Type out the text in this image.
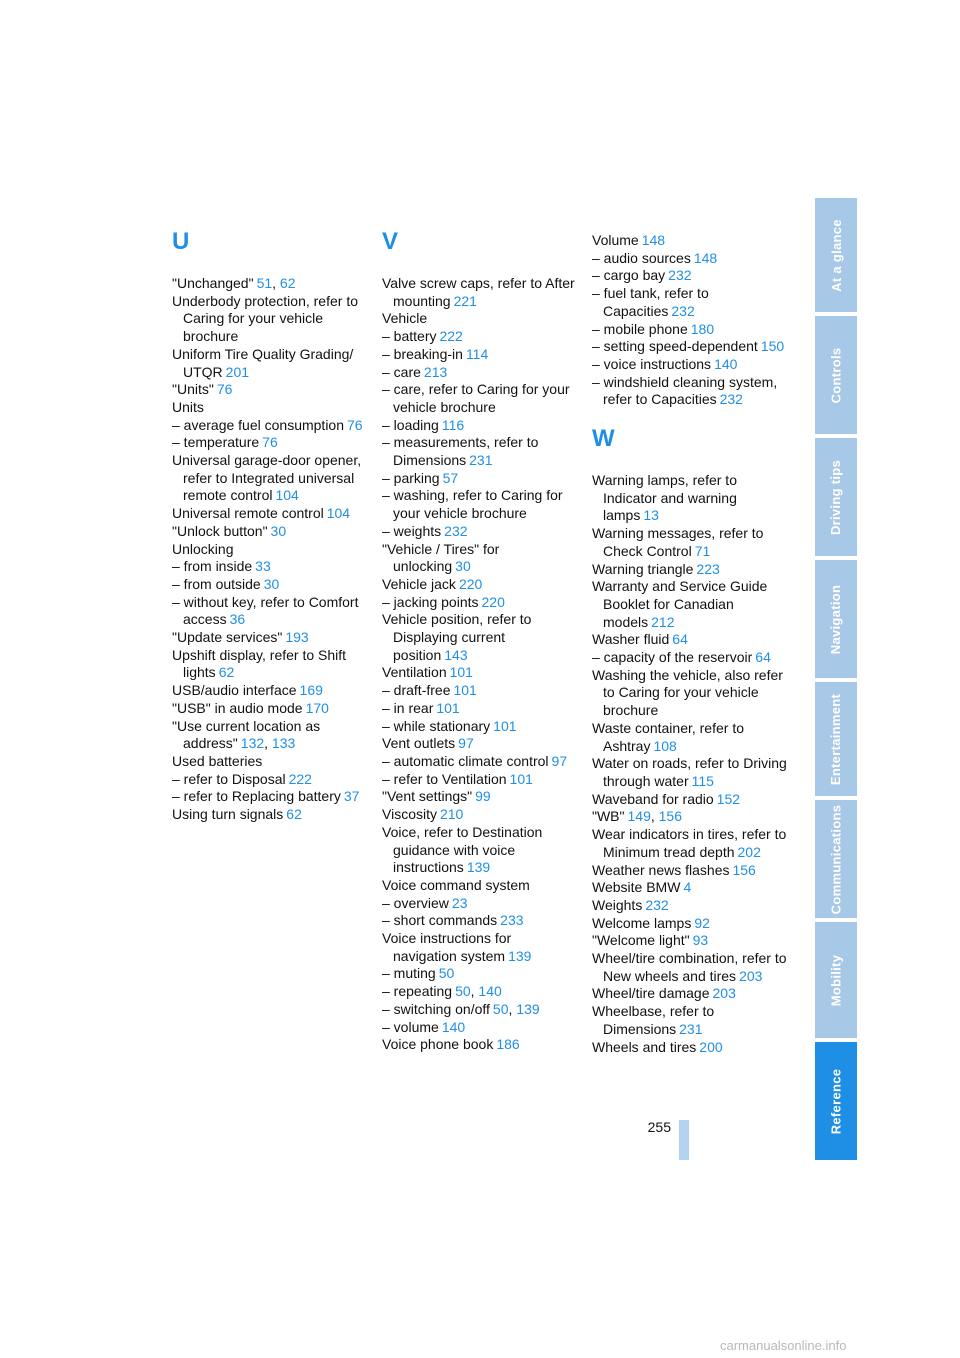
U
"Unchanged" 51, 62
Underbody protection, refer to Caring for your vehicle brochure
Uniform Tire Quality Grading/ UTQR 201
"Units" 76
Units
– average fuel consumption 76
– temperature 76
Universal garage-door opener, refer to Integrated universal remote control 104
Universal remote control 104
"Unlock button" 30
Unlocking
– from inside 33
– from outside 30
– without key, refer to Comfort access 36
"Update services" 193
Upshift display, refer to Shift lights 62
USB/audio interface 169
"USB" in audio mode 170
"Use current location as address" 132, 133
Used batteries
– refer to Disposal 222
– refer to Replacing battery 37
Using turn signals 62
V
Valve screw caps, refer to After mounting 221
Vehicle
– battery 222
– breaking-in 114
– care 213
– care, refer to Caring for your vehicle brochure
– loading 116
– measurements, refer to Dimensions 231
– parking 57
– washing, refer to Caring for your vehicle brochure
– weights 232
"Vehicle / Tires" for unlocking 30
Vehicle jack 220
– jacking points 220
Vehicle position, refer to Displaying current position 143
Ventilation 101
– draft-free 101
– in rear 101
– while stationary 101
Vent outlets 97
– automatic climate control 97
– refer to Ventilation 101
"Vent settings" 99
Viscosity 210
Voice, refer to Destination guidance with voice instructions 139
Voice command system
– overview 23
– short commands 233
Voice instructions for navigation system 139
– muting 50
– repeating 50, 140
– switching on/off 50, 139
– volume 140
Voice phone book 186
Volume 148
– audio sources 148
– cargo bay 232
– fuel tank, refer to Capacities 232
– mobile phone 180
– setting speed-dependent 150
– voice instructions 140
– windshield cleaning system, refer to Capacities 232
W
Warning lamps, refer to Indicator and warning lamps 13
Warning messages, refer to Check Control 71
Warning triangle 223
Warranty and Service Guide Booklet for Canadian models 212
Washer fluid 64
– capacity of the reservoir 64
Washing the vehicle, also refer to Caring for your vehicle brochure
Waste container, refer to Ashtray 108
Water on roads, refer to Driving through water 115
Waveband for radio 152
"WB" 149, 156
Wear indicators in tires, refer to Minimum tread depth 202
Weather news flashes 156
Website BMW 4
Weights 232
Welcome lamps 92
"Welcome light" 93
Wheel/tire combination, refer to New wheels and tires 203
Wheel/tire damage 203
Wheelbase, refer to Dimensions 231
Wheels and tires 200
At a glance
Controls
Driving tips
Navigation
Entertainment
Communications
Mobility
Reference
255
carmanualsonline.info
